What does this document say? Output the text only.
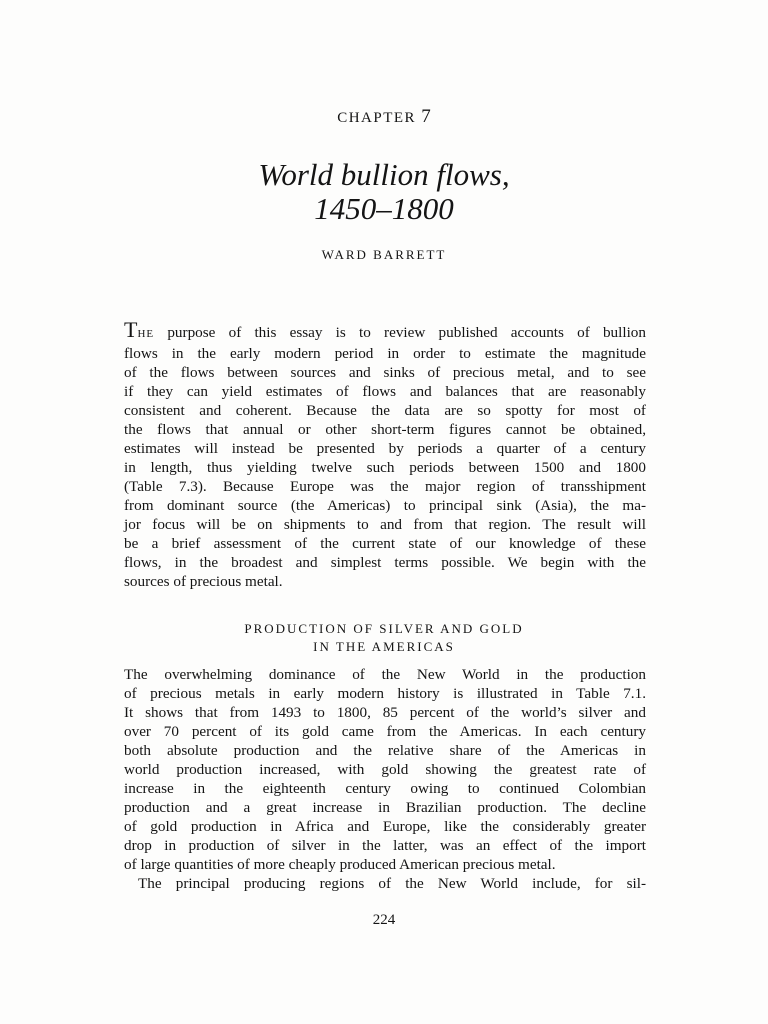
CHAPTER 7
World bullion flows,
1450–1800
WARD BARRETT
THE purpose of this essay is to review published accounts of bullion
flows in the early modern period in order to estimate the magnitude
of the flows between sources and sinks of precious metal, and to see
if they can yield estimates of flows and balances that are reasonably
consistent and coherent. Because the data are so spotty for most of
the flows that annual or other short-term figures cannot be obtained,
estimates will instead be presented by periods a quarter of a century
in length, thus yielding twelve such periods between 1500 and 1800
(Table 7.3). Because Europe was the major region of transshipment
from dominant source (the Americas) to principal sink (Asia), the ma-
jor focus will be on shipments to and from that region. The result will
be a brief assessment of the current state of our knowledge of these
flows, in the broadest and simplest terms possible. We begin with the
sources of precious metal.
PRODUCTION OF SILVER AND GOLD
IN THE AMERICAS
The overwhelming dominance of the New World in the production
of precious metals in early modern history is illustrated in Table 7.1.
It shows that from 1493 to 1800, 85 percent of the world’s silver and
over 70 percent of its gold came from the Americas. In each century
both absolute production and the relative share of the Americas in
world production increased, with gold showing the greatest rate of
increase in the eighteenth century owing to continued Colombian
production and a great increase in Brazilian production. The decline
of gold production in Africa and Europe, like the considerably greater
drop in production of silver in the latter, was an effect of the import
of large quantities of more cheaply produced American precious metal.
The principal producing regions of the New World include, for sil-
224
